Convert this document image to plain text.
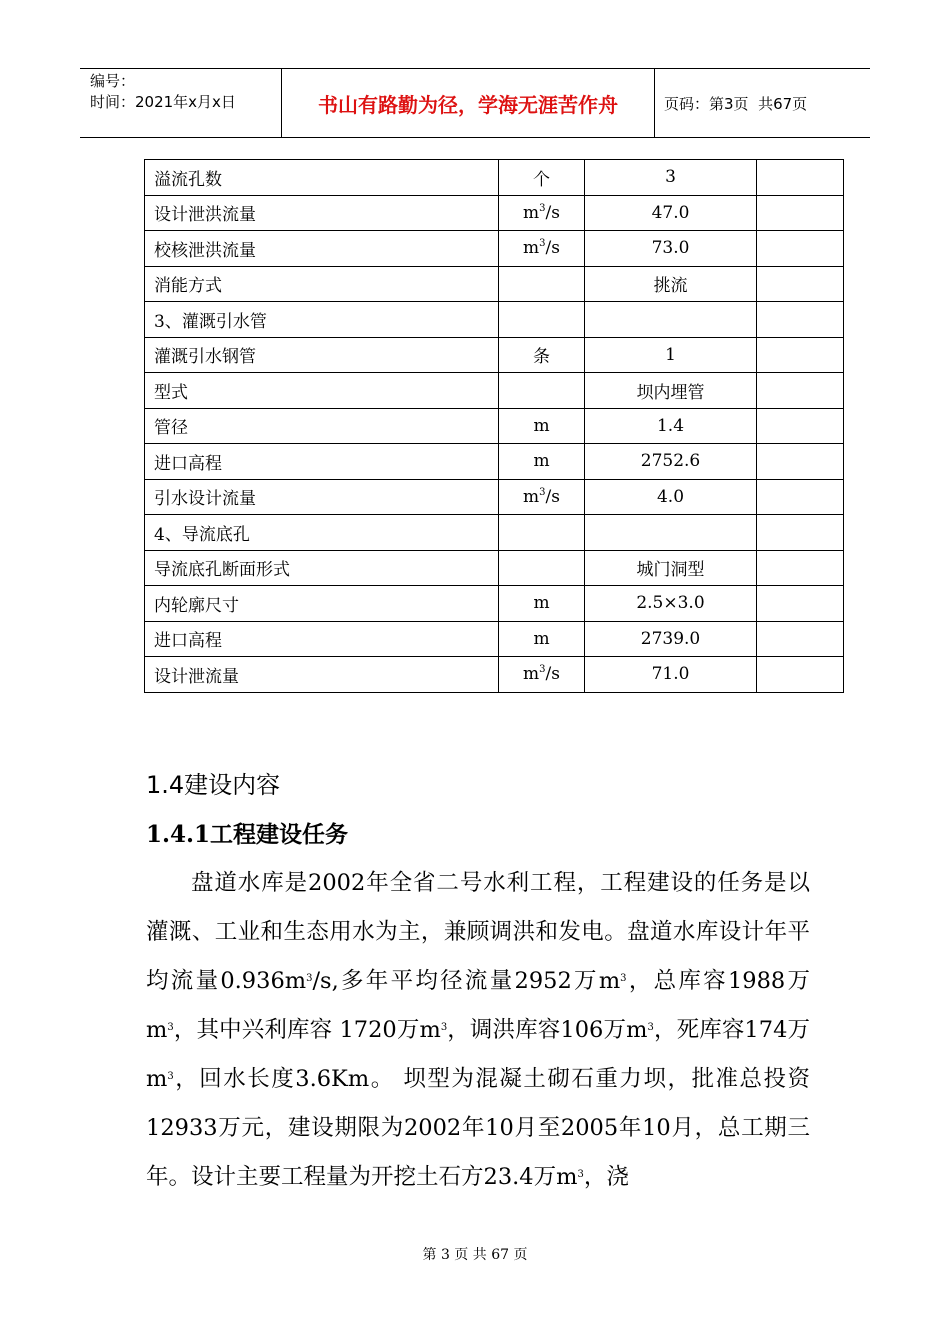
编号：
时间：2021年x月x日	书山有路勤为径，学海无涯苦作舟	页码：第3页  共67页
溢流孔数	个	3	
设计泄洪流量	$m^3/s$	47.0	
校核泄洪流量	$m^3/s$	73.0	
消能方式		挑流	
3、灌溉引水管			
灌溉引水钢管	条	1	
型式		坝内埋管	
管径	m	1.4	
进口高程	m	2752.6	
引水设计流量	$m^3/s$	4.0	
4、导流底孔			
导流底孔断面形式		城门洞型	
内轮廓尺寸	m	2.5×3.0	
进口高程	m	2739.0	
设计泄流量	$m^3/s$	71.0	
1.4建设内容
1.4.1工程建设任务

盘道水库是2002年全省二号水利工程，工程建设的任务是以灌溉、工业和生态用水为主，兼顾调洪和发电。盘道水库设计年平均流量$0.936m^3/s$,多年平均径流量2952万$m^3$，总库容1988万$m^3$，其中兴利库容 1720万$m^3$，调洪库容106万$m^3$，死库容174万$m^3$，回水长度3.6Km。 坝型为混凝土砌石重力坝，批准总投资12933万元，建设期限为2002年10月至2005年10月，总工期三年。设计主要工程量为开挖土石方23.4万$m^3$，浇

第 3 页 共 67 页
